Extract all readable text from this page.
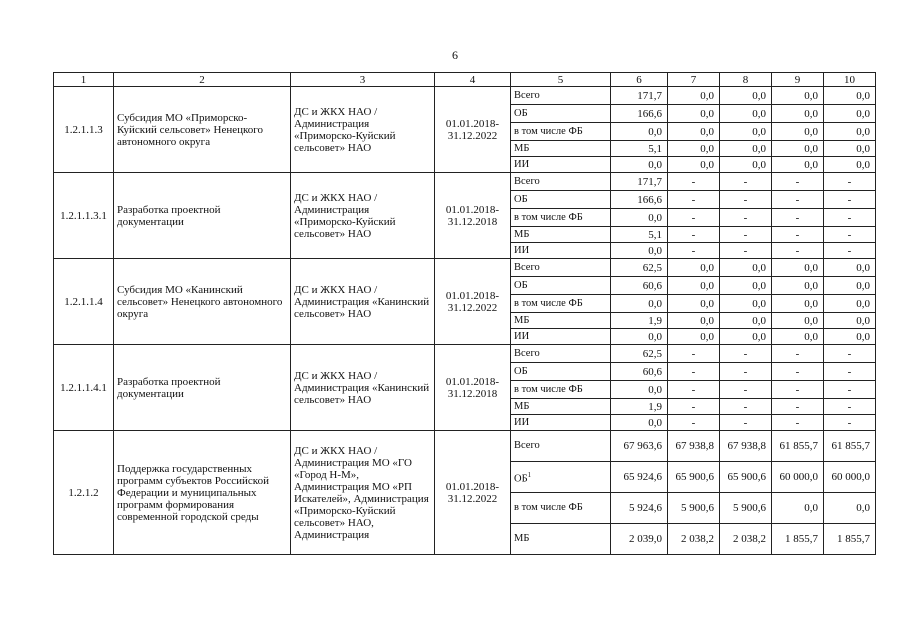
6
1	2	3	4	5	6	7	8	9	10
1.2.1.1.3	Субсидия МО «Приморско-Куйский сельсовет» Ненецкого автономного округа	ДС и ЖКХ НАО / Администрация «Приморско-Куйский сельсовет» НАО	01.01.2018-31.12.2022	Всего	171,7	0,0	0,0	0,0	0,0
				ОБ	166,6	0,0	0,0	0,0	0,0
				в том числе ФБ	0,0	0,0	0,0	0,0	0,0
				МБ	5,1	0,0	0,0	0,0	0,0
				ИИ	0,0	0,0	0,0	0,0	0,0
1.2.1.1.3.1	Разработка проектной документации	ДС и ЖКХ НАО / Администрация «Приморско-Куйский сельсовет» НАО	01.01.2018-31.12.2018	Всего	171,7	-	-	-	-
				ОБ	166,6	-	-	-	-
				в том числе ФБ	0,0	-	-	-	-
				МБ	5,1	-	-	-	-
				ИИ	0,0	-	-	-	-
1.2.1.1.4	Субсидия МО «Канинский сельсовет» Ненецкого автономного округа	ДС и ЖКХ НАО / Администрация «Канинский сельсовет» НАО	01.01.2018-31.12.2022	Всего	62,5	0,0	0,0	0,0	0,0
				ОБ	60,6	0,0	0,0	0,0	0,0
				в том числе ФБ	0,0	0,0	0,0	0,0	0,0
				МБ	1,9	0,0	0,0	0,0	0,0
				ИИ	0,0	0,0	0,0	0,0	0,0
1.2.1.1.4.1	Разработка проектной документации	ДС и ЖКХ НАО / Администрация «Канинский сельсовет» НАО	01.01.2018-31.12.2018	Всего	62,5	-	-	-	-
				ОБ	60,6	-	-	-	-
				в том числе ФБ	0,0	-	-	-	-
				МБ	1,9	-	-	-	-
				ИИ	0,0	-	-	-	-
1.2.1.2	Поддержка государственных программ субъектов Российской Федерации и муниципальных программ формирования современной городской среды	ДС и ЖКХ НАО / Администрация МО «ГО «Город Н-М», Администрация МО «РП Искателей», Администрация «Приморско-Куйский сельсовет» НАО, Администрация	01.01.2018-31.12.2022	Всего	67 963,6	67 938,8	67 938,8	61 855,7	61 855,7
				$ОБ^1$	65 924,6	65 900,6	65 900,6	60 000,0	60 000,0
				в том числе ФБ	5 924,6	5 900,6	5 900,6	0,0	0,0
				МБ	2 039,0	2 038,2	2 038,2	1 855,7	1 855,7
